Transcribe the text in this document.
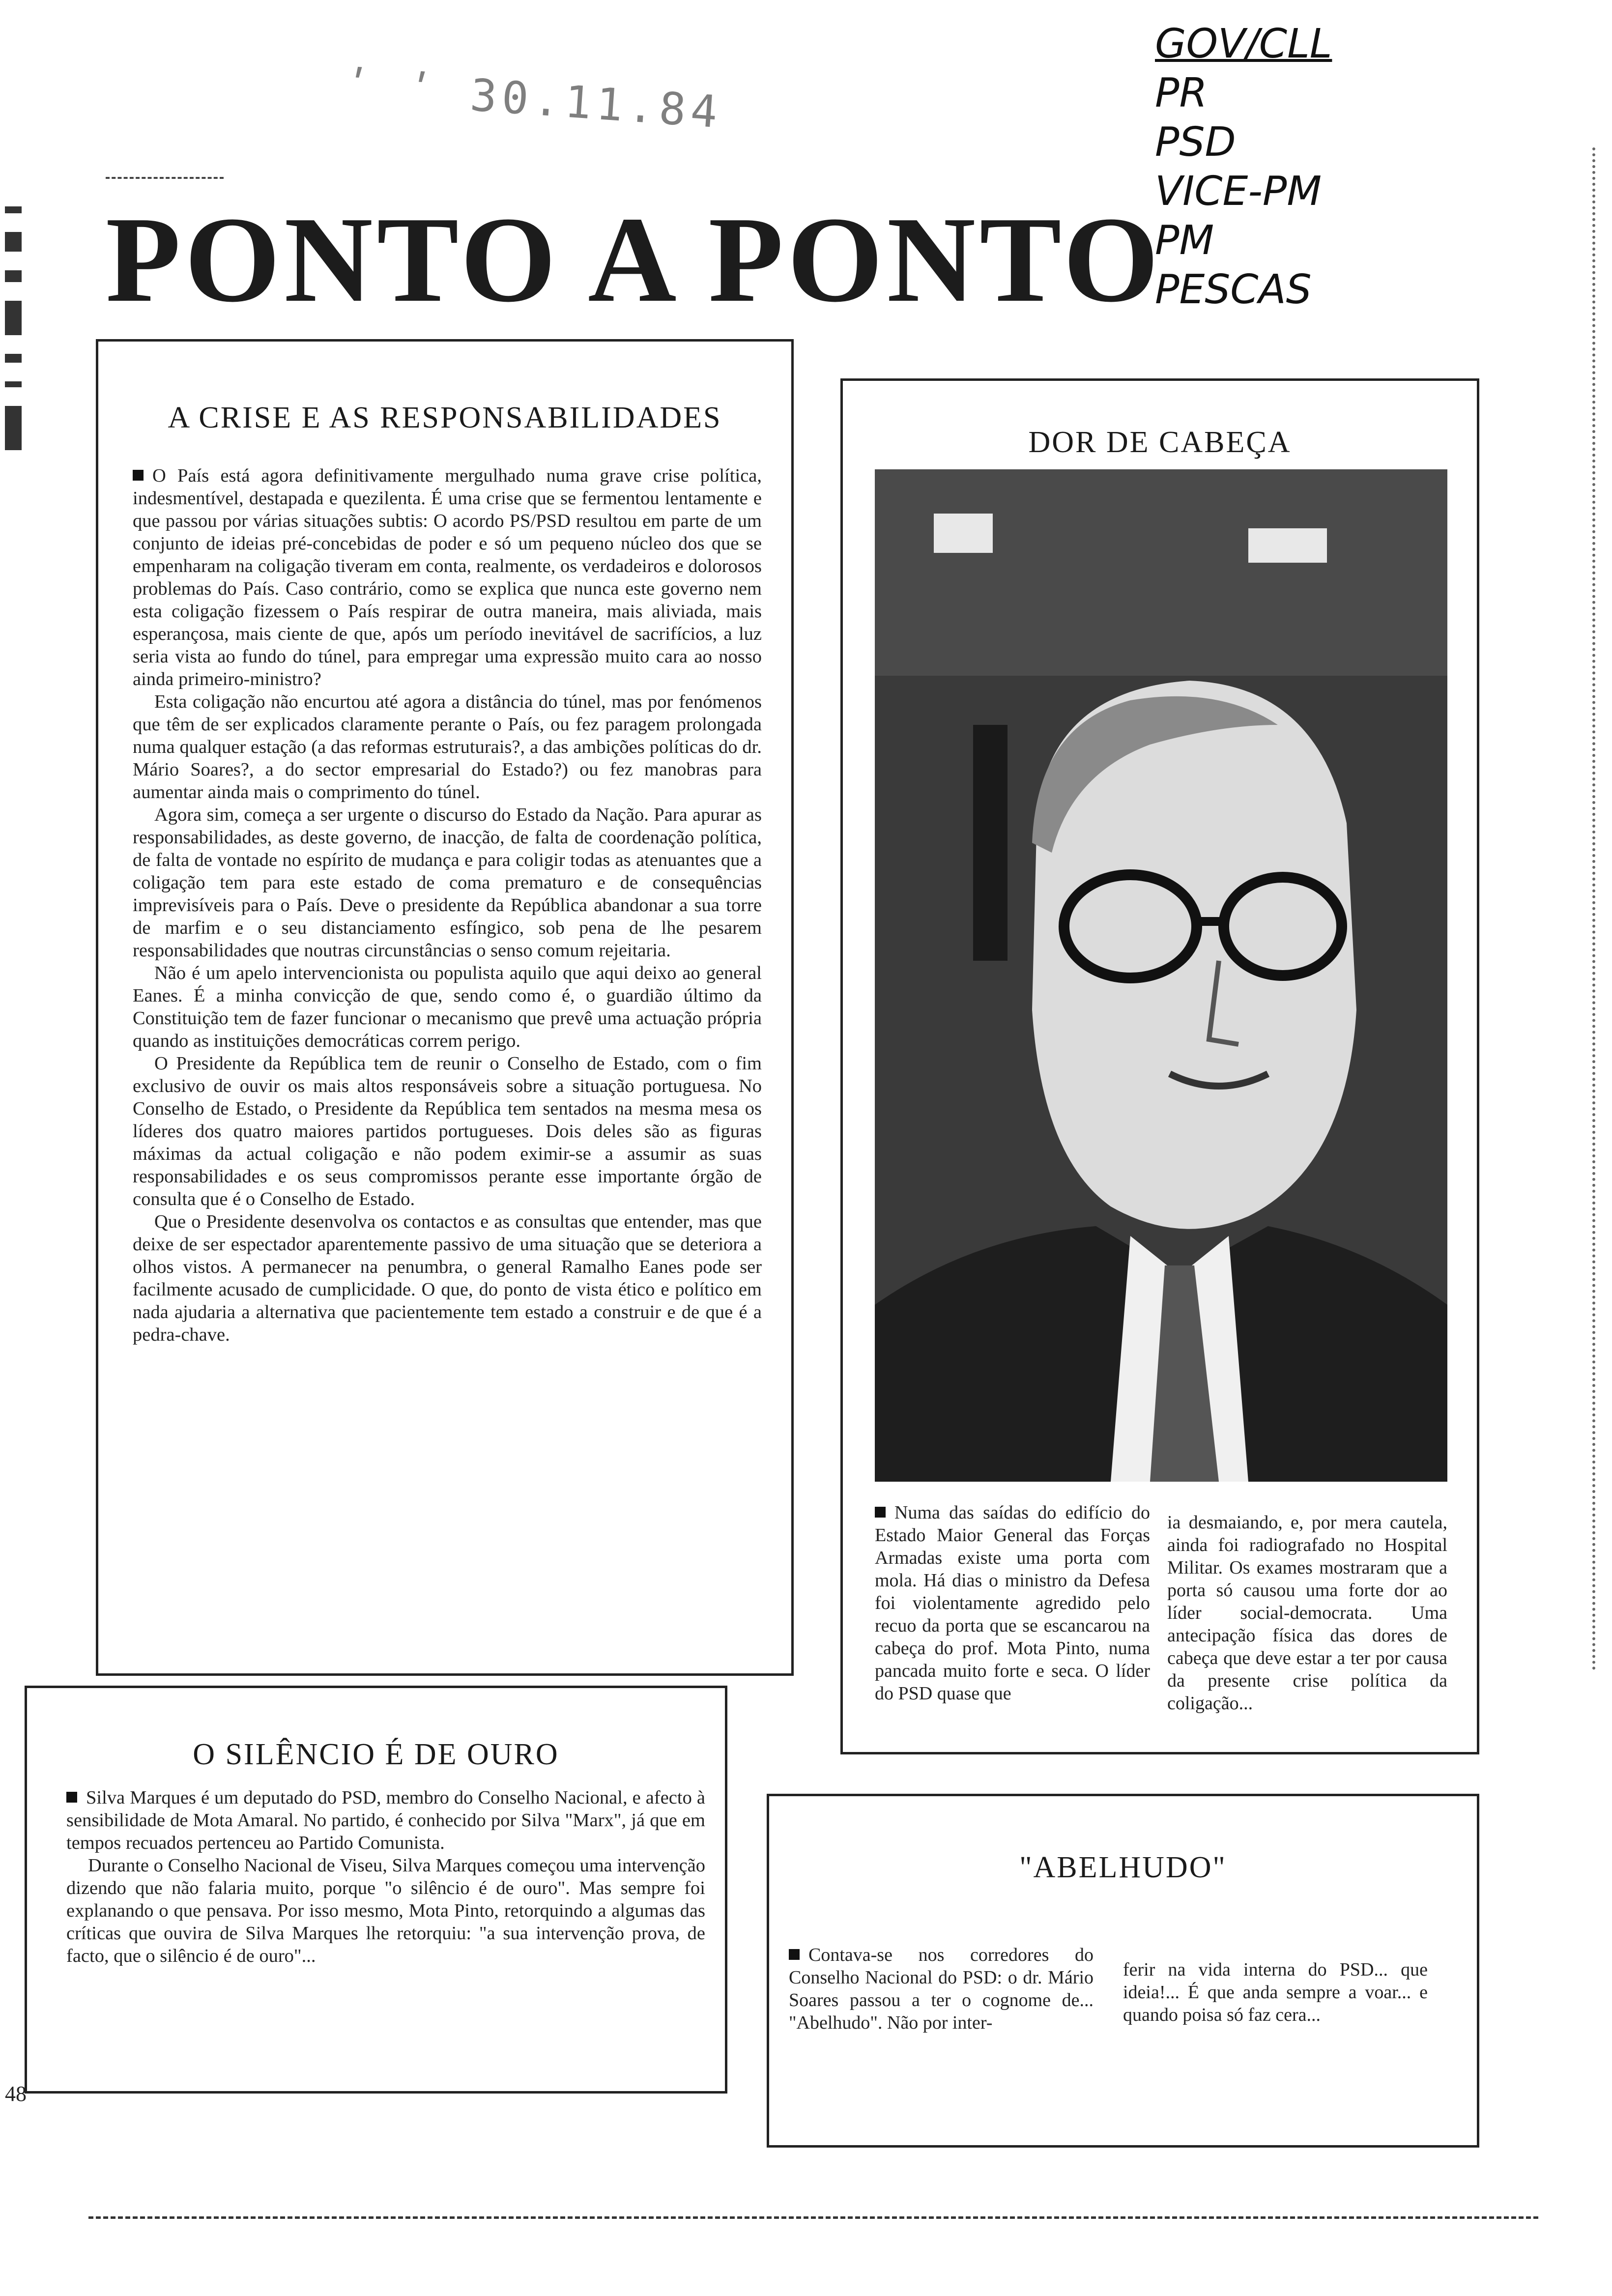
ʹ ʹ 30.11.84
GOV/CLL
PR
PSD
VICE-PM
PM
PESCAS
PONTO A PONTO
A CRISE E AS RESPONSABILIDADES

O País está agora definitivamente mergulhado numa grave crise política, indesmentível, destapada e quezilenta. É uma crise que se fermentou lentamente e que passou por várias situações subtis: O acordo PS/PSD resultou em parte de um conjunto de ideias pré-concebidas de poder e só um pequeno núcleo dos que se empenharam na coligação tiveram em conta, realmente, os verdadeiros e dolorosos problemas do País. Caso contrário, como se explica que nunca este governo nem esta coligação fizessem o País respirar de outra maneira, mais aliviada, mais esperançosa, mais ciente de que, após um período inevitável de sacrifícios, a luz seria vista ao fundo do túnel, para empregar uma expressão muito cara ao nosso ainda primeiro-ministro?

Esta coligação não encurtou até agora a distância do túnel, mas por fenómenos que têm de ser explicados claramente perante o País, ou fez paragem prolongada numa qualquer estação (a das reformas estruturais?, a das ambições políticas do dr. Mário Soares?, a do sector empresarial do Estado?) ou fez manobras para aumentar ainda mais o comprimento do túnel.

Agora sim, começa a ser urgente o discurso do Estado da Nação. Para apurar as responsabilidades, as deste governo, de inacção, de falta de coordenação política, de falta de vontade no espírito de mudança e para coligir todas as atenuantes que a coligação tem para este estado de coma prematuro e de consequências imprevisíveis para o País. Deve o presidente da República abandonar a sua torre de marfim e o seu distanciamento esfíngico, sob pena de lhe pesarem responsabilidades que noutras circunstâncias o senso comum rejeitaria.

Não é um apelo intervencionista ou populista aquilo que aqui deixo ao general Eanes. É a minha convicção de que, sendo como é, o guardião último da Constituição tem de fazer funcionar o mecanismo que prevê uma actuação própria quando as instituições democráticas correm perigo.

O Presidente da República tem de reunir o Conselho de Estado, com o fim exclusivo de ouvir os mais altos responsáveis sobre a situação portuguesa. No Conselho de Estado, o Presidente da República tem sentados na mesma mesa os líderes dos quatro maiores partidos portugueses. Dois deles são as figuras máximas da actual coligação e não podem eximir-se a assumir as suas responsabilidades e os seus compromissos perante esse importante órgão de consulta que é o Conselho de Estado.

Que o Presidente desenvolva os contactos e as consultas que entender, mas que deixe de ser espectador aparentemente passivo de uma situação que se deteriora a olhos vistos. A permanecer na penumbra, o general Ramalho Eanes pode ser facilmente acusado de cumplicidade. O que, do ponto de vista ético e político em nada ajudaria a alternativa que pacientemente tem estado a construir e de que é a pedra-chave.

DOR DE CABEÇA

Numa das saídas do edifício do Estado Maior General das Forças Armadas existe uma porta com mola. Há dias o ministro da Defesa foi violentamente agredido pelo recuo da porta que se escancarou na cabeça do prof. Mota Pinto, numa pancada muito forte e seca. O líder do PSD quase que

ia desmaiando, e, por mera cautela, ainda foi radiografado no Hospital Militar. Os exames mostraram que a porta só causou uma forte dor ao líder social-democrata. Uma antecipação física das dores de cabeça que deve estar a ter por causa da presente crise política da coligação...

O SILÊNCIO É DE OURO

Silva Marques é um deputado do PSD, membro do Conselho Nacional, e afecto à sensibilidade de Mota Amaral. No partido, é conhecido por Silva "Marx", já que em tempos recuados pertenceu ao Partido Comunista.

Durante o Conselho Nacional de Viseu, Silva Marques começou uma intervenção dizendo que não falaria muito, porque "o silêncio é de ouro". Mas sempre foi explanando o que pensava. Por isso mesmo, Mota Pinto, retorquindo a algumas das críticas que ouvira de Silva Marques lhe retorquiu: "a sua intervenção prova, de facto, que o silêncio é de ouro"...

"ABELHUDO"

Contava-se nos corredores do Conselho Nacional do PSD: o dr. Mário Soares passou a ter o cognome de... "Abelhudo". Não por inter-

ferir na vida interna do PSD... que ideia!... É que anda sempre a voar... e quando poisa só faz cera...

48
